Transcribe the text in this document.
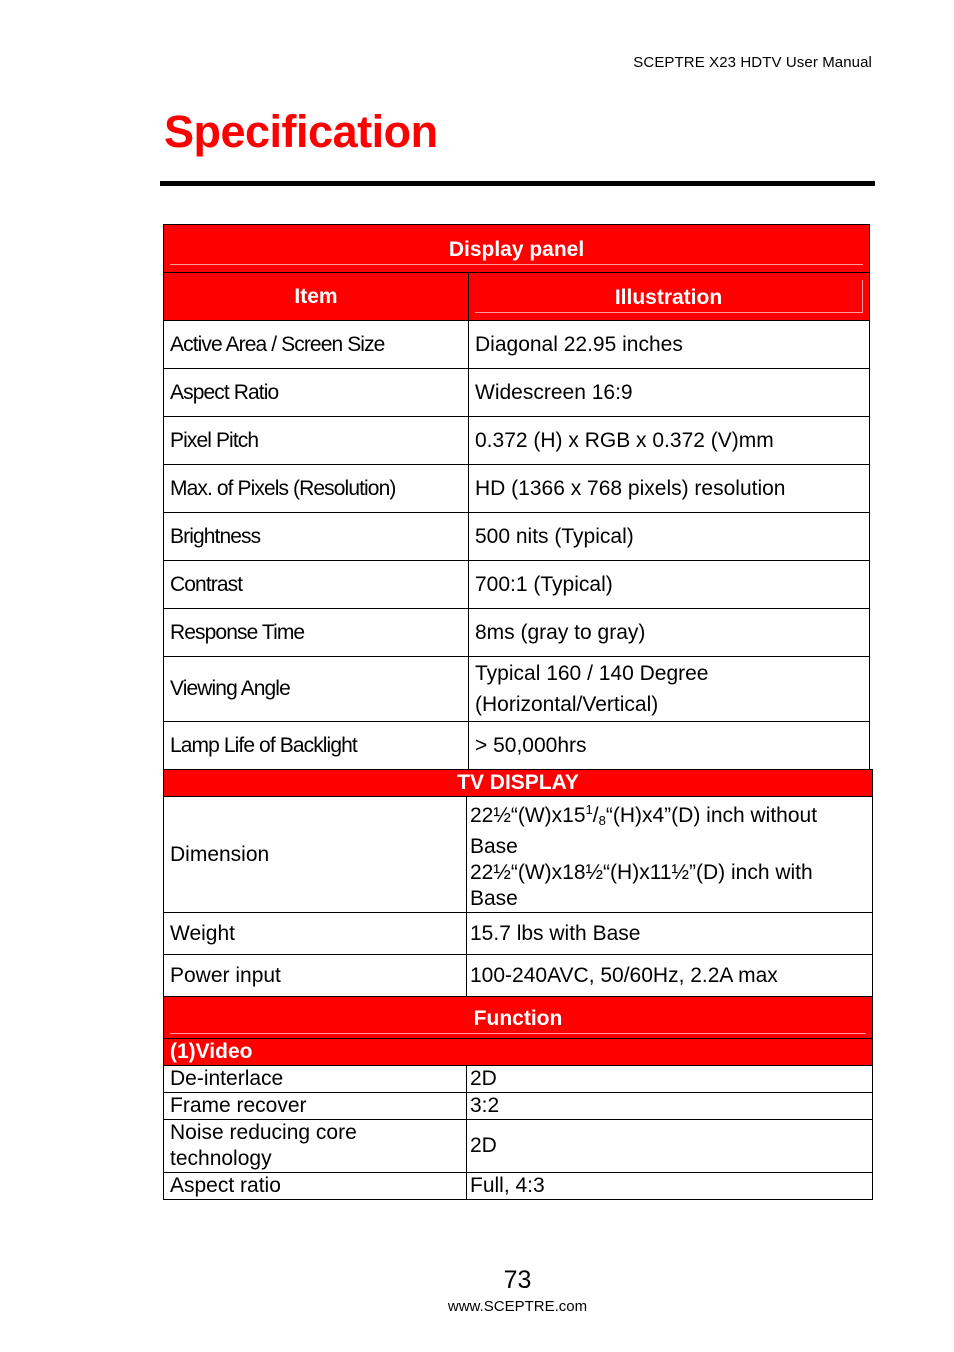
SCEPTRE X23 HDTV User Manual
Specification
Display panel	

Item	Illustration

Active Area / Screen Size	Diagonal 22.95 inches
Aspect Ratio	Widescreen 16:9
Pixel Pitch	0.372 (H) x RGB x 0.372 (V)mm
Max. of Pixels (Resolution)	HD (1366 x 768 pixels) resolution
Brightness	500 nits (Typical)
Contrast	700:1 (Typical)
Response Time	8ms (gray to gray)
Viewing Angle	Typical 160 / 140 Degree
(Horizontal/Vertical)
Lamp Life of Backlight	> 50,000hrs
TV DISPLAY	
Dimension	$22\frac{1}{2}“(W)x15^1/_8“(H)x4”(D)$ inch without
Base
22½“(W)x18½“(H)x11½”(D) inch with
Base
Weight	15.7 lbs with Base
Power input	100-240AVC, 50/60Hz, 2.2A max

Function	

(1)Video	
De-interlace	2D
Frame recover	3:2
Noise reducing core
technology	2D
Aspect ratio	Full, 4:3
73
www.SCEPTRE.com
